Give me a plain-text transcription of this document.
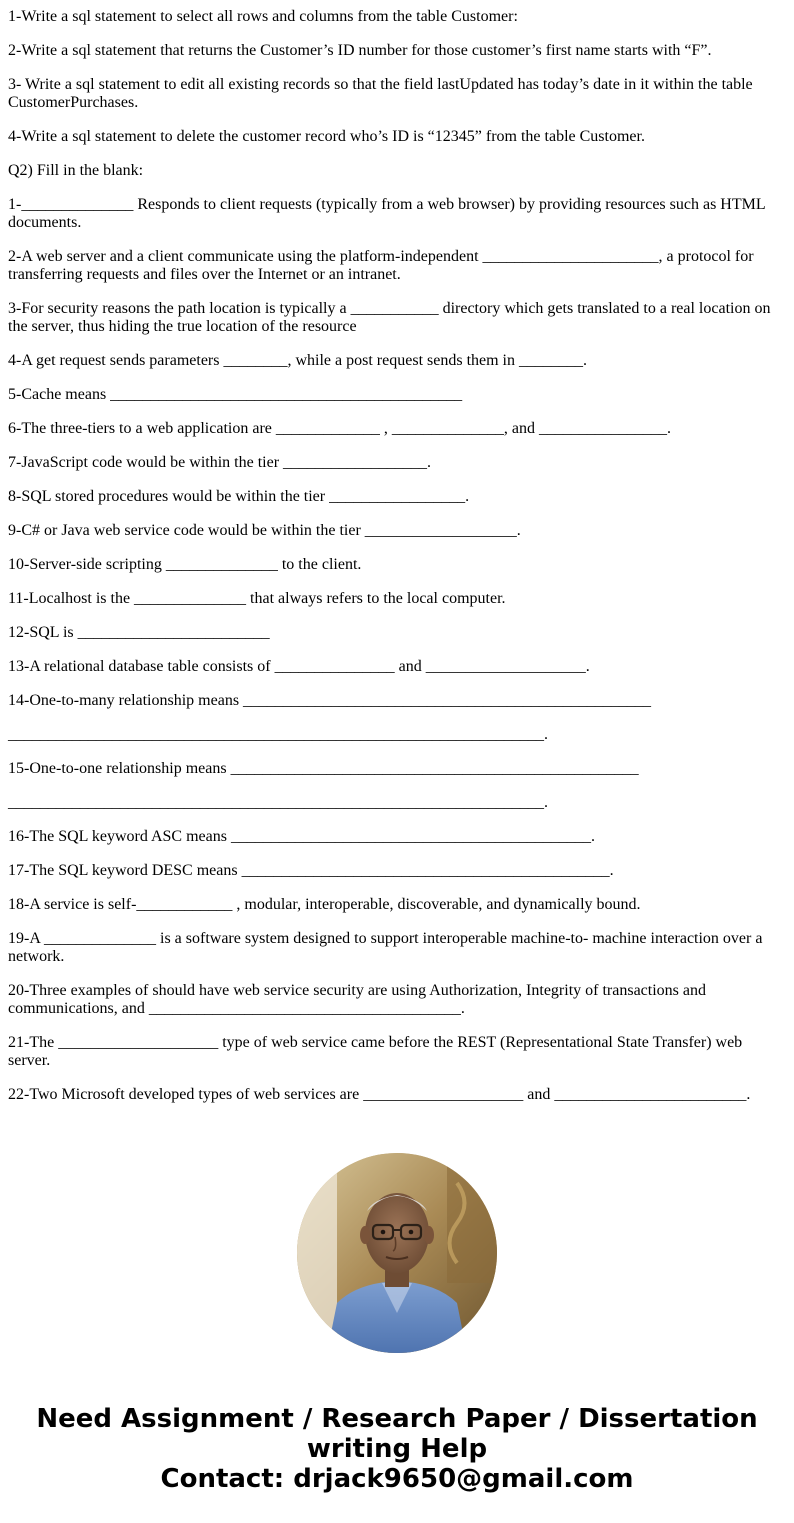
1-Write a sql statement to select all rows and columns from the table Customer:

2-Write a sql statement that returns the Customer’s ID number for those customer’s first name starts with “F”.

3- Write a sql statement to edit all existing records so that the field lastUpdated has today’s date in it within the table CustomerPurchases.

4-Write a sql statement to delete the customer record who’s ID is “12345” from the table Customer.

Q2) Fill in the blank:

1-______________ Responds to client requests (typically from a web browser) by providing resources such as HTML documents.

2-A web server and a client communicate using the platform-independent ______________________, a protocol for transferring requests and files over the Internet or an intranet.

3-For security reasons the path location is typically a ___________ directory which gets translated to a real location on the server, thus hiding the true location of the resource

4-A get request sends parameters ________, while a post request sends them in ________.

5-Cache means ____________________________________________

6-The three-tiers to a web application are _____________ , ______________, and ________________.

7-JavaScript code would be within the tier __________________.

8-SQL stored procedures would be within the tier _________________.

9-C# or Java web service code would be within the tier ___________________.

10-Server-side scripting ______________ to the client.

11-Localhost is the ______________ that always refers to the local computer.

12-SQL is ________________________

13-A relational database table consists of _______________ and ____________________.

14-One-to-many relationship means ___________________________________________________

___________________________________________________________________.

15-One-to-one relationship means ___________________________________________________

___________________________________________________________________.

16-The SQL keyword ASC means _____________________________________________.

17-The SQL keyword DESC means ______________________________________________.

18-A service is self-____________ , modular, interoperable, discoverable, and dynamically bound.

19-A ______________ is a software system designed to support interoperable machine-to- machine interaction over a network.

20-Three examples of should have web service security are using Authorization, Integrity of transactions and communications, and _______________________________________.

21-The ____________________ type of web service came before the REST (Representational State Transfer) web server.

22-Two Microsoft developed types of web services are ____________________ and ________________________.

Need Assignment / Research Paper / Dissertation writing Help
Contact: drjack9650@gmail.com
